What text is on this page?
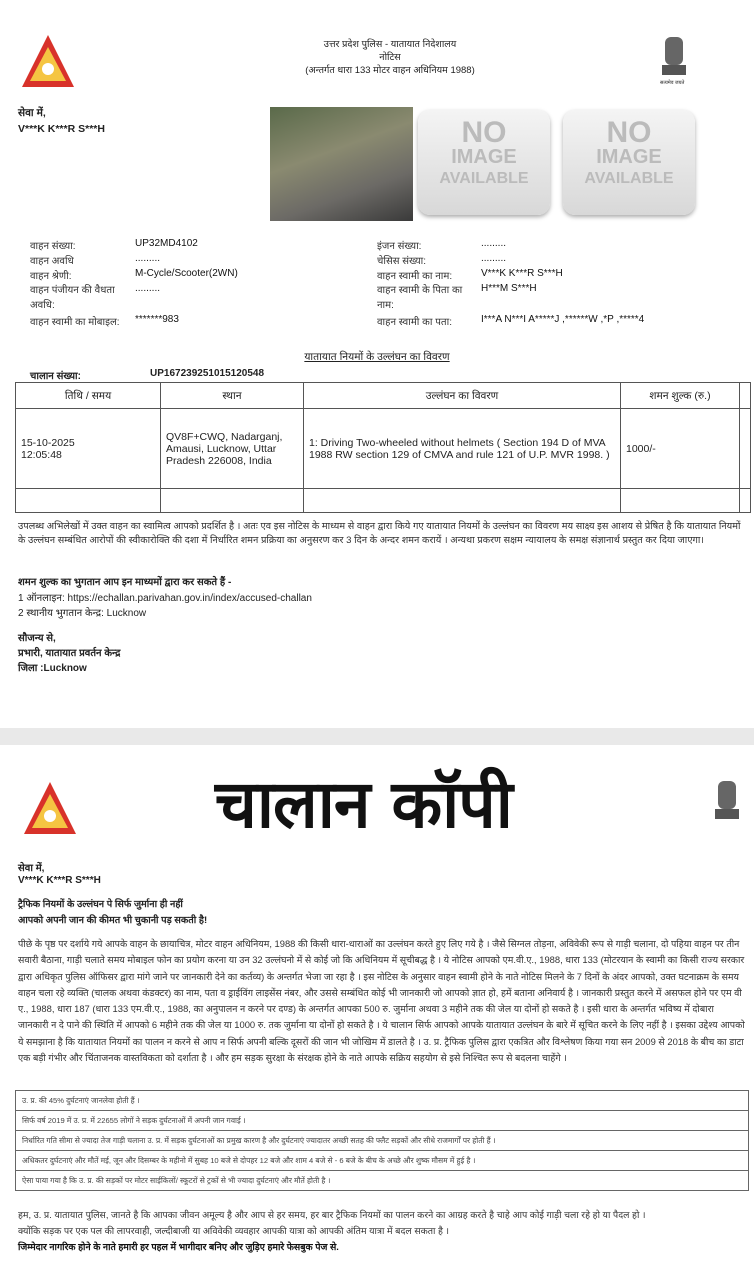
उत्तर प्रदेश पुलिस - यातायात निदेशालय
नोटिस
(अन्तर्गत धारा 133 मोटर वाहन अधिनियम 1988)
सत्यमेव जयते
सेवा में,
V***K K***R S***H	NO
IMAGE
AVAILABLE
NO
IMAGE
AVAILABLE
वाहन संख्या:	UP32MD4102
वाहन अवधि	.........
वाहन श्रेणी:	M-Cycle/Scooter(2WN)
वाहन पंजीयन की वैधता अवधि:
.........
वाहन स्वामी का मोबाइल:	*******983
इंजन संख्या:	.........
चेसिस संख्या:	.........
वाहन स्वामी का नाम:	V***K K***R S***H
वाहन स्वामी के पिता का नाम:
H***M S***H
वाहन स्वामी का पता:	I***A N***I A*****J ,******W ,*P ,*****4
यातायात नियमों के उल्लंघन का विवरण
चालान संख्या:	UP167239251015120548
तिथि / समय	स्थान	उल्लंघन का विवरण	शमन शुल्क (रु.)	

15-10-2025
12:05:48	QV8F+CWQ, Nadarganj, Amausi, Lucknow, Uttar Pradesh 226008, India	1: Driving Two-wheeled without helmets ( Section 194 D of MVA 1988 RW section 129 of CMVA and rule 121 of U.P. MVR 1998. )	1000/-	

उपलब्ध अभिलेखों में उक्त वाहन का स्वामित्व आपको प्रदर्शित है । अतः एव इस नोटिस के माध्यम से वाहन द्वारा किये गए यातायात नियमों के उल्लंघन का विवरण मय साक्ष्य इस आशय से प्रेषित है कि यातायात नियमों के उल्लंघन सम्बंधित आरोपों की स्वीकारोक्ति की दशा में निर्धारित शमन प्रक्रिया का अनुसरण कर 3 दिन के अन्दर शमन करायें । अन्यथा प्रकरण सक्षम न्यायालय के समक्ष संज्ञानार्थ प्रस्तुत कर दिया जाएगा।
शमन शुल्क का भुगतान आप इन माध्यमों द्वारा कर सकते हैं -
1 ऑनलाइन: https://echallan.parivahan.gov.in/index/accused-challan
2 स्थानीय भुगतान केन्द्र: Lucknow
सौजन्य से,
प्रभारी, यातायात प्रवर्तन केन्द्र
जिला :Lucknow
चालान कॉपी
सेवा में,
V***K K***R S***H
ट्रैफिक नियमों के उल्लंघन पे सिर्फ जुर्माना ही नहीं
आपको अपनी जान की कीमत भी चुकानी पड़ सकती है!
पीछे के पृष्ठ पर दर्शाये गये आपके वाहन के छायाचित्र, मोटर वाहन अधिनियम, 1988 की किसी धारा-धाराओं का उल्लंघन करते हुए लिए गये है । जैसे सिग्नल तोड़ना, अविवेकी रूप से गाड़ी चलाना, दो पहिया वाहन पर तीन सवारी बैठाना, गाड़ी चलाते समय मोबाइल फोन का प्रयोग करना या उन 32 उल्लंघनो में से कोई जो कि अधिनियम में सूचीबद्ध है । ये नोटिस आपको एम.वी.ए., 1988, धारा 133 (मोटरयान के स्वामी का किसी राज्य सरकार द्वारा अधिकृत पुलिस ऑफिसर द्वारा मांगे जाने पर जानकारी देने का कर्तव्य) के अन्तर्गत भेजा जा रहा है । इस नोटिस के अनुसार वाहन स्वामी होने के नाते नोटिस मिलने के 7 दिनों के अंदर आपको, उक्त घटनाक्रम के समय वाहन चला रहे व्यक्ति (चालक अथवा कंडक्टर) का नाम, पता व ड्राईविंग लाइसेंस नंबर, और उससे सम्बंधित कोई भी जानकारी जो आपको ज्ञात हो, हमें बताना अनिवार्य है । जानकारी प्रस्तुत करने में असफल होने पर एम वी ए., 1988, धारा 187 (धारा 133 एम.वी.ए., 1988, का अनुपालन न करने पर दण्ड) के अन्तर्गत आपका 500 रु. जुर्माना अथवा 3 महीने तक की जेल या दोनों हो सकते है । इसी धारा के अन्तर्गत भविष्य में दोबारा जानकारी न दे पाने की स्थिति में आपको 6 महीने तक की जेल या 1000 रु. तक जुर्माना या दोनों हो सकते है । ये चालान सिर्फ आपको आपके यातायात उल्लंघन के बारे में सूचित करने के लिए नहीं है । इसका उद्देश्य आपको ये समझाना है कि यातायात नियमों का पालन न करने से आप न सिर्फ अपनी बल्कि दूसरों की जान भी जोखिम में डालते है । उ. प्र. ट्रैफिक पुलिस द्वारा एकत्रित और विश्लेषण किया गया सन 2009 से 2018 के बीच का डाटा एक बड़ी गंभीर और चिंताजनक वास्तविकता को दर्शाता है । और हम सड़क सुरक्षा के संरक्षक होने के नाते आपके सक्रिय सहयोग से इसे निश्चित रूप से बदलना चाहेंगे ।
उ. प्र. की 45% दुर्घटनाएं जानलेवा होती हैं ।
सिर्फ वर्ष 2019 में उ. प्र. में 22655 लोगों ने सड़क दुर्घटनाओं में अपनी जान गवाई ।
निर्धारित गति सीमा से ज्यादा तेज गाड़ी चलाना उ. प्र. में सड़क दुर्घटनाओं का प्रमुख कारण है और दुर्घटनाएं ज्यादातर अच्छी सतह की फ्लैट सड़कों और सीधे राजमार्गों पर होती हैं ।
अधिकतर दुर्घटनाएं और मौतें मई, जून और दिसम्बर के महीनो में सुबह 10 बजे से दोपहर 12 बजे और शाम 4 बजे से - 6 बजे के बीच के अच्छे और शुष्क मौसम में हुई है ।
ऐसा पाया गया है कि उ. प्र. की सड़कों पर मोटर साईकिलों/ स्कूटरों से ट्रकों से भी ज्यादा दुर्घटनाएं और मौतें होती है ।
हम, उ. प्र. यातायात पुलिस, जानते है कि आपका जीवन अमूल्य है और आप से हर समय, हर बार ट्रैफिक नियमों का पालन करने का आग्रह करते है चाहे आप कोई गाड़ी चला रहे हो या पैदल हो ।
क्योंकि सड़क पर एक पल की लापरवाही, जल्दीबाजी या अविवेकी व्यवहार आपकी यात्रा को आपकी अंतिम यात्रा में बदल सकता है ।
जिम्मेदार नागरिक होने के नाते हमारी हर पहल में भागीदार बनिए और जुड़िए हमारे फेसबुक पेज से.
